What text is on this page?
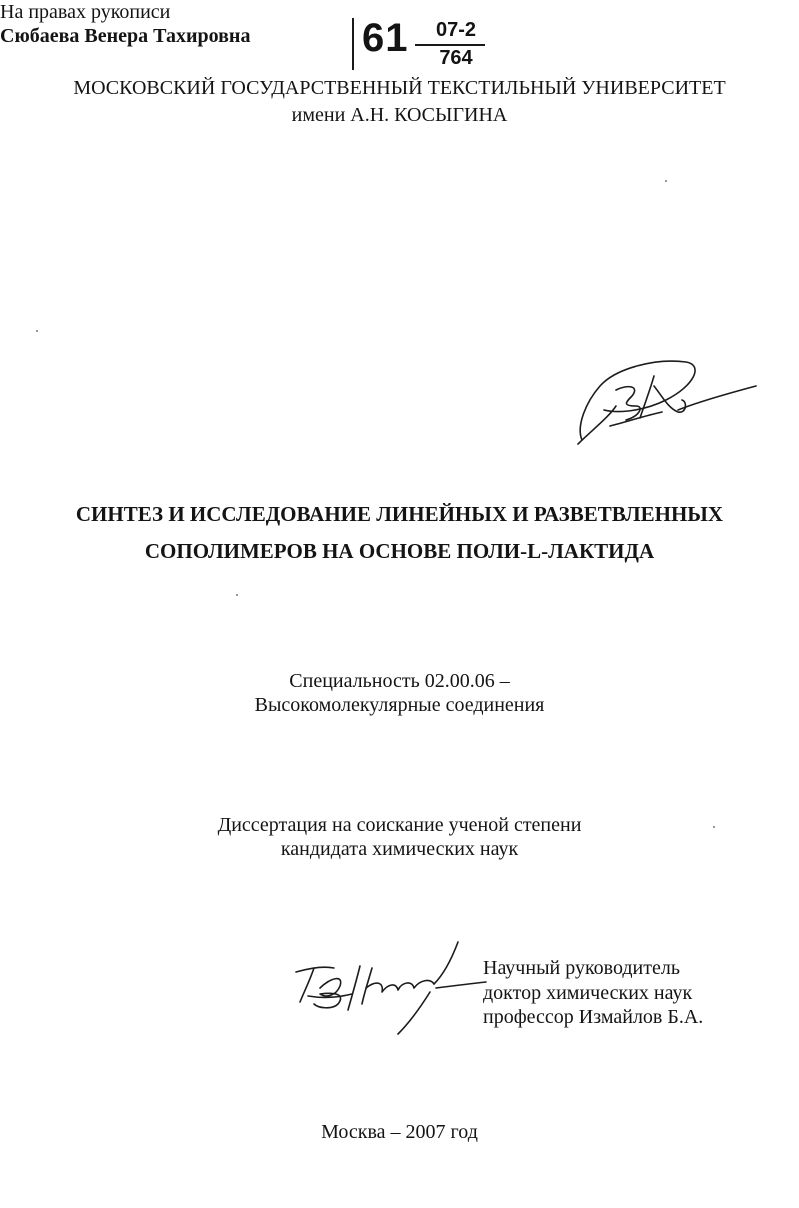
61 07-2
764
МОСКОВСКИЙ ГОСУДАРСТВЕННЫЙ ТЕКСТИЛЬНЫЙ УНИВЕРСИТЕТ
имени А.Н. КОСЫГИНА
На правах рукописи
Сюбаева Венера Тахировна
СИНТЕЗ И ИССЛЕДОВАНИЕ ЛИНЕЙНЫХ И РАЗВЕТВЛЕННЫХ
СОПОЛИМЕРОВ НА ОСНОВЕ ПОЛИ-L-ЛАКТИДА
Специальность 02.00.06 –
Высокомолекулярные соединения
Диссертация на соискание ученой степени
кандидата химических наук
Научный руководитель
доктор химических наук
профессор Измайлов Б.А.
Москва – 2007 год
